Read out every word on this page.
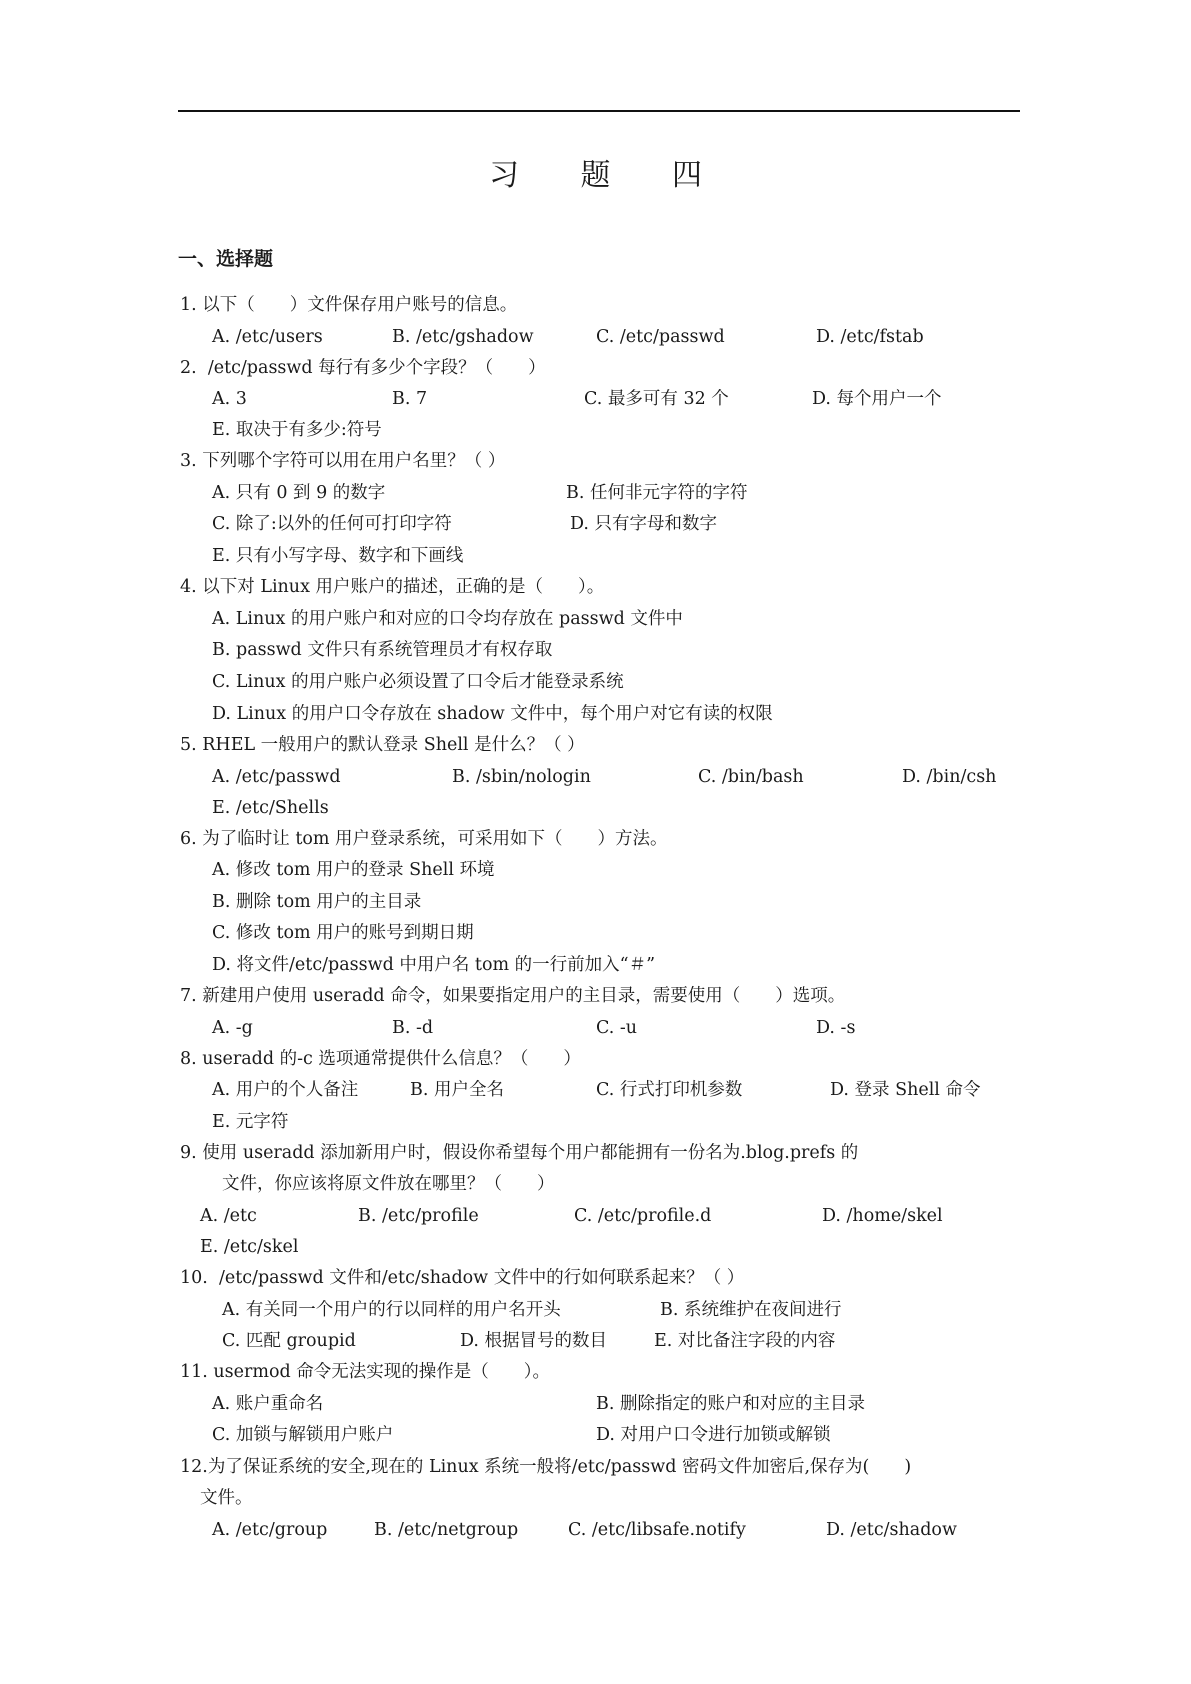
习 题 四
一、选择题
1. 以下（　　）文件保存用户账号的信息。
A. /etc/users	B. /etc/gshadow	C. /etc/passwd	D. /etc/fstab
2.  /etc/passwd 每行有多少个字段？（　　）
A. 3	B. 7	C. 最多可有 32 个	D. 每个用户一个
E. 取决于有多少:符号
3. 下列哪个字符可以用在用户名里？（ ）
A. 只有 0 到 9 的数字	B. 任何非元字符的字符
C. 除了:以外的任何可打印字符	D. 只有字母和数字
E. 只有小写字母、数字和下画线
4. 以下对 Linux 用户账户的描述，正确的是（　　）。
A. Linux 的用户账户和对应的口令均存放在 passwd 文件中
B. passwd 文件只有系统管理员才有权存取
C. Linux 的用户账户必须设置了口令后才能登录系统
D. Linux 的用户口令存放在 shadow 文件中，每个用户对它有读的权限
5. RHEL 一般用户的默认登录 Shell 是什么？（ ）
A. /etc/passwd	B. /sbin/nologin	C. /bin/bash	D. /bin/csh
E. /etc/Shells
6. 为了临时让 tom 用户登录系统，可采用如下（　　）方法。
A. 修改 tom 用户的登录 Shell 环境
B. 删除 tom 用户的主目录
C. 修改 tom 用户的账号到期日期
D. 将文件/etc/passwd 中用户名 tom 的一行前加入“＃”
7. 新建用户使用 useradd 命令，如果要指定用户的主目录，需要使用（　　）选项。
A. -g	B. -d	C. -u	D. -s
8. useradd 的-c 选项通常提供什么信息？（　　）
A. 用户的个人备注	B. 用户全名	C. 行式打印机参数	D. 登录 Shell 命令
E. 元字符
9. 使用 useradd 添加新用户时，假设你希望每个用户都能拥有一份名为.blog.prefs 的
文件，你应该将原文件放在哪里？（　　）
A. /etc	B. /etc/profile	C. /etc/profile.d	D. /home/skel
E. /etc/skel
10.  /etc/passwd 文件和/etc/shadow 文件中的行如何联系起来？（ ）
A. 有关同一个用户的行以同样的用户名开头	B. 系统维护在夜间进行
C. 匹配 groupid	D. 根据冒号的数目	E. 对比备注字段的内容
11. usermod 命令无法实现的操作是（　　）。
A. 账户重命名	B. 删除指定的账户和对应的主目录
C. 加锁与解锁用户账户	D. 对用户口令进行加锁或解锁
12.为了保证系统的安全,现在的 Linux 系统一般将/etc/passwd 密码文件加密后,保存为(　　)
文件。
A. /etc/group	B. /etc/netgroup	C. /etc/libsafe.notify	D. /etc/shadow
